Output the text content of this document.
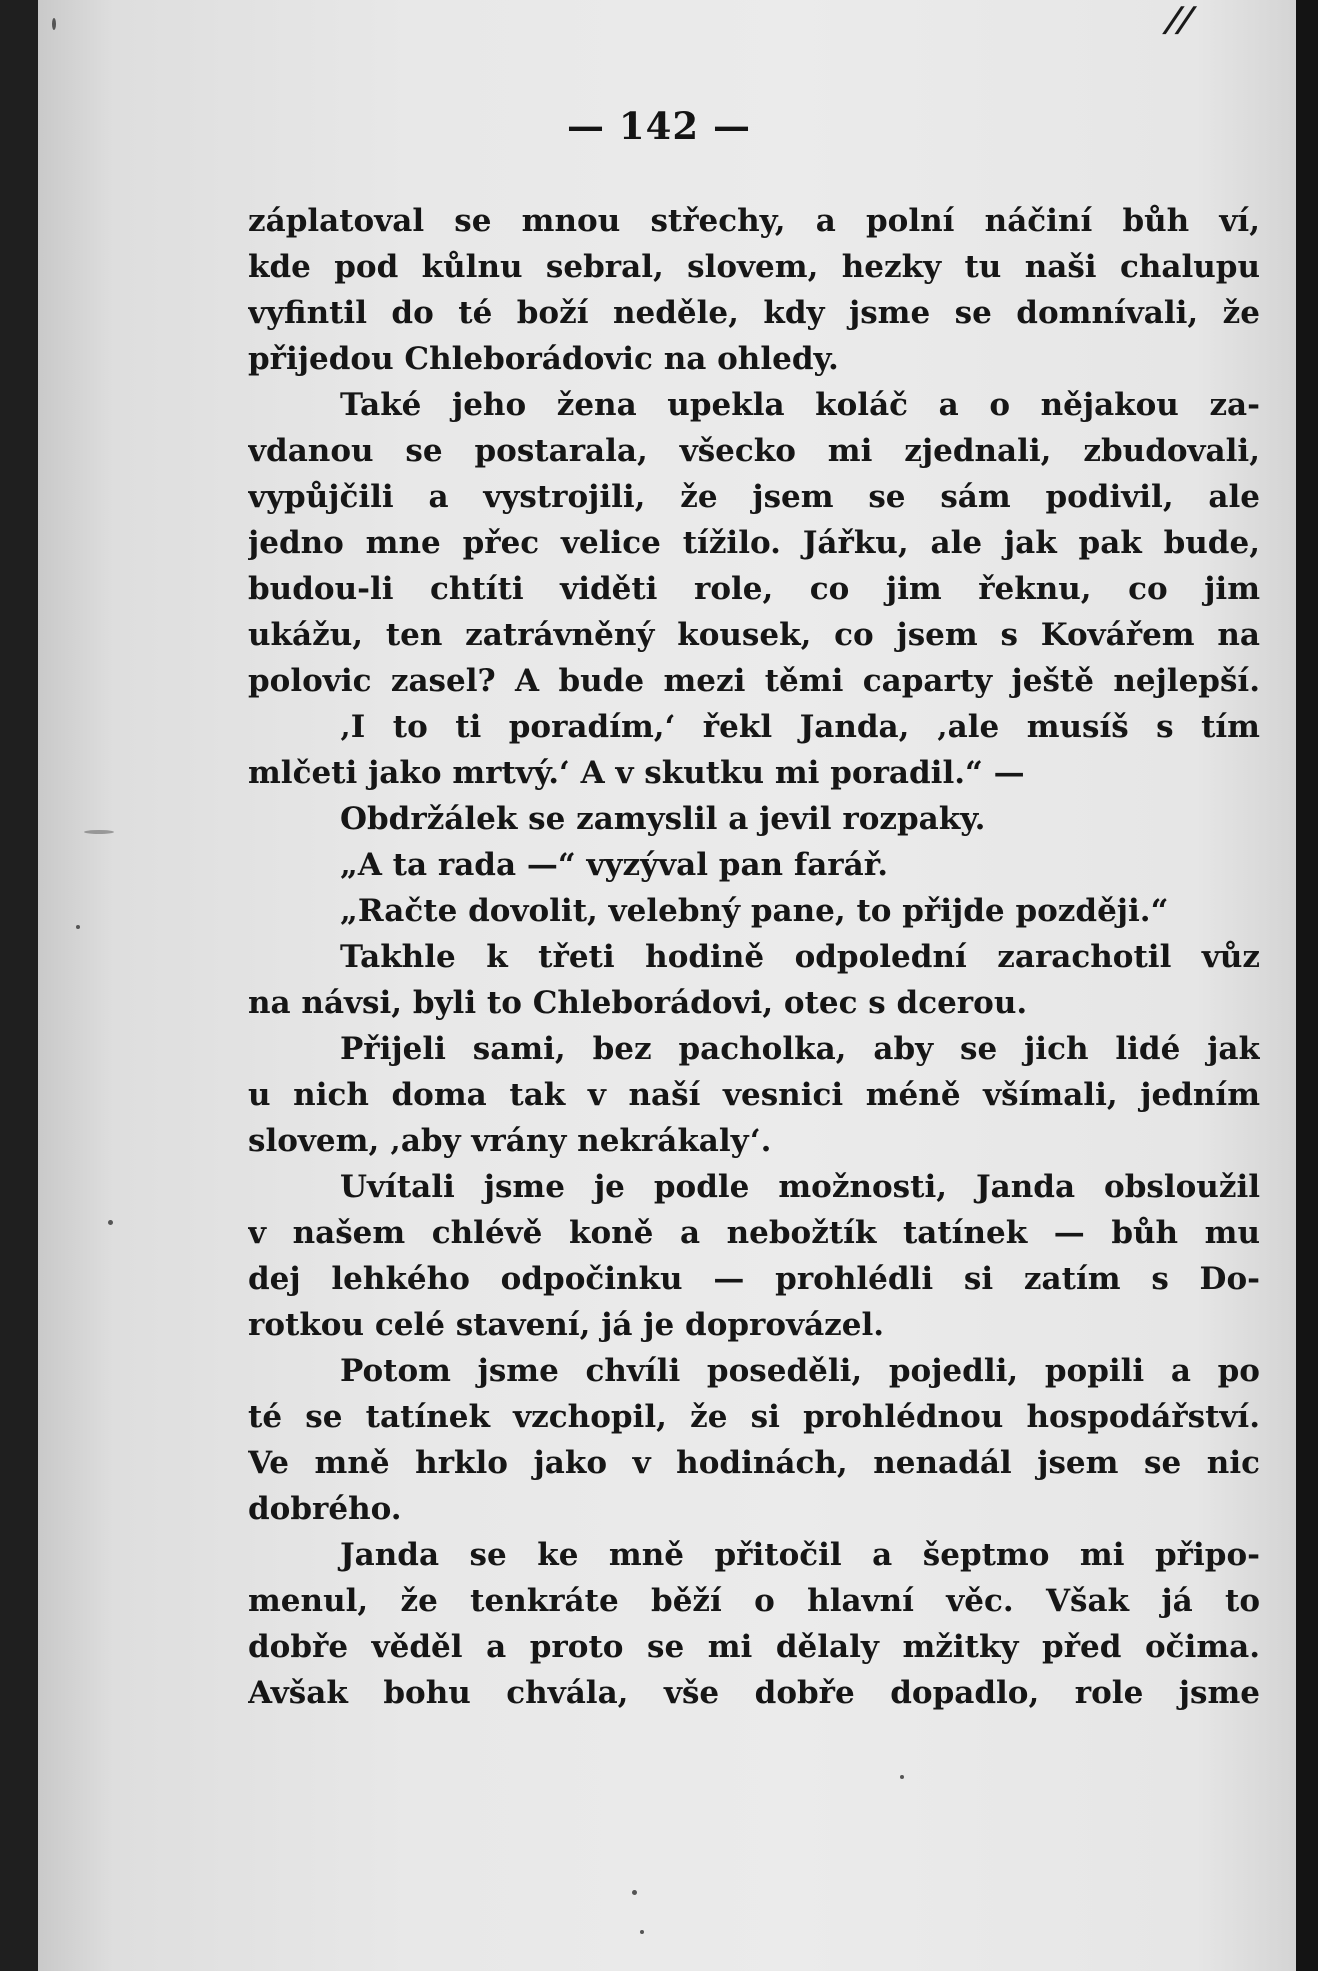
//
— 142 —
záplatoval se mnou střechy, a polní náčiní bůh ví,
kde pod kůlnu sebral, slovem, hezky tu naši chalupu
vyfintil do té boží neděle, kdy jsme se domnívali, že
přijedou Chleborádovic na ohledy.
Také jeho žena upekla koláč a o nějakou za-
vdanou se postarala, všecko mi zjednali, zbudovali,
vypůjčili a vystrojili, že jsem se sám podivil, ale
jedno mne přec velice tížilo. Jářku, ale jak pak bude,
budou-li chtíti viděti role, co jim řeknu, co jim
ukážu, ten zatrávněný kousek, co jsem s Kovářem na
polovic zasel? A bude mezi těmi caparty ještě nejlepší.
‚I to ti poradím,‘ řekl Janda, ‚ale musíš s tím
mlčeti jako mrtvý.‘ A v skutku mi poradil.“ —
Obdržálek se zamyslil a jevil rozpaky.
„A ta rada —“ vyzýval pan farář.
„Račte dovolit, velebný pane, to přijde později.“
Takhle k třeti hodině odpolední zarachotil vůz
na návsi, byli to Chleborádovi, otec s dcerou.
Přijeli sami, bez pacholka, aby se jich lidé jak
u nich doma tak v naší vesnici méně všímali, jedním
slovem, ‚aby vrány nekrákaly‘.
Uvítali jsme je podle možnosti, Janda obsloužil
v našem chlévě koně a nebožtík tatínek — bůh mu
dej lehkého odpočinku — prohlédli si zatím s Do-
rotkou celé stavení, já je doprovázel.
Potom jsme chvíli poseděli, pojedli, popili a po
té se tatínek vzchopil, že si prohlédnou hospodářství.
Ve mně hrklo jako v hodinách, nenadál jsem se nic
dobrého.
Janda se ke mně přitočil a šeptmo mi připo-
menul, že tenkráte běží o hlavní věc. Však já to
dobře věděl a proto se mi dělaly mžitky před očima.
Avšak bohu chvála, vše dobře dopadlo, role jsme
